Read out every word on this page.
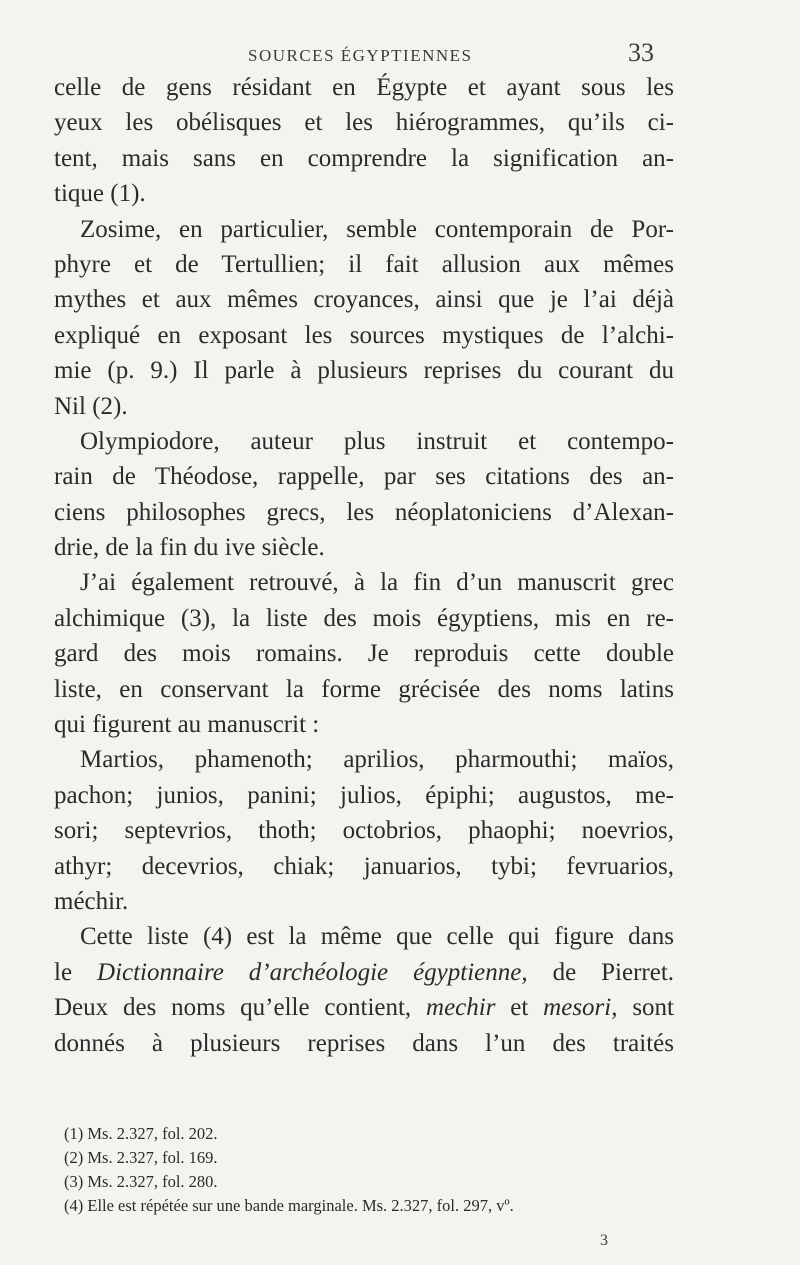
SOURCES ÉGYPTIENNES	33
celle de gens résidant en Égypte et ayant sous les
yeux les obélisques et les hiérogrammes, qu’ils ci-
tent, mais sans en comprendre la signification an-
tique (1).
Zosime, en particulier, semble contemporain de Por-
phyre et de Tertullien; il fait allusion aux mêmes
mythes et aux mêmes croyances, ainsi que je l’ai déjà
expliqué en exposant les sources mystiques de l’alchi-
mie (p. 9.) Il parle à plusieurs reprises du courant du
Nil (2).
Olympiodore, auteur plus instruit et contempo-
rain de Théodose, rappelle, par ses citations des an-
ciens philosophes grecs, les néoplatoniciens d’Alexan-
drie, de la fin du ive siècle.
J’ai également retrouvé, à la fin d’un manuscrit grec
alchimique (3), la liste des mois égyptiens, mis en re-
gard des mois romains. Je reproduis cette double
liste, en conservant la forme grécisée des noms latins
qui figurent au manuscrit :
Martios, phamenoth; aprilios, pharmouthi; maïos,
pachon; junios, panini; julios, épiphi; augustos, me-
sori; septevrios, thoth; octobrios, phaophi; noevrios,
athyr; decevrios, chiak; januarios, tybi; fevruarios,
méchir.
Cette liste (4) est la même que celle qui figure dans
le Dictionnaire d’archéologie égyptienne, de Pierret.
Deux des noms qu’elle contient, mechir et mesori, sont
donnés à plusieurs reprises dans l’un des traités
(1) Ms. 2.327, fol. 202.
(2) Ms. 2.327, fol. 169.
(3) Ms. 2.327, fol. 280.
(4) Elle est répétée sur une bande marginale. Ms. 2.327, fol. 297, vº.
3
